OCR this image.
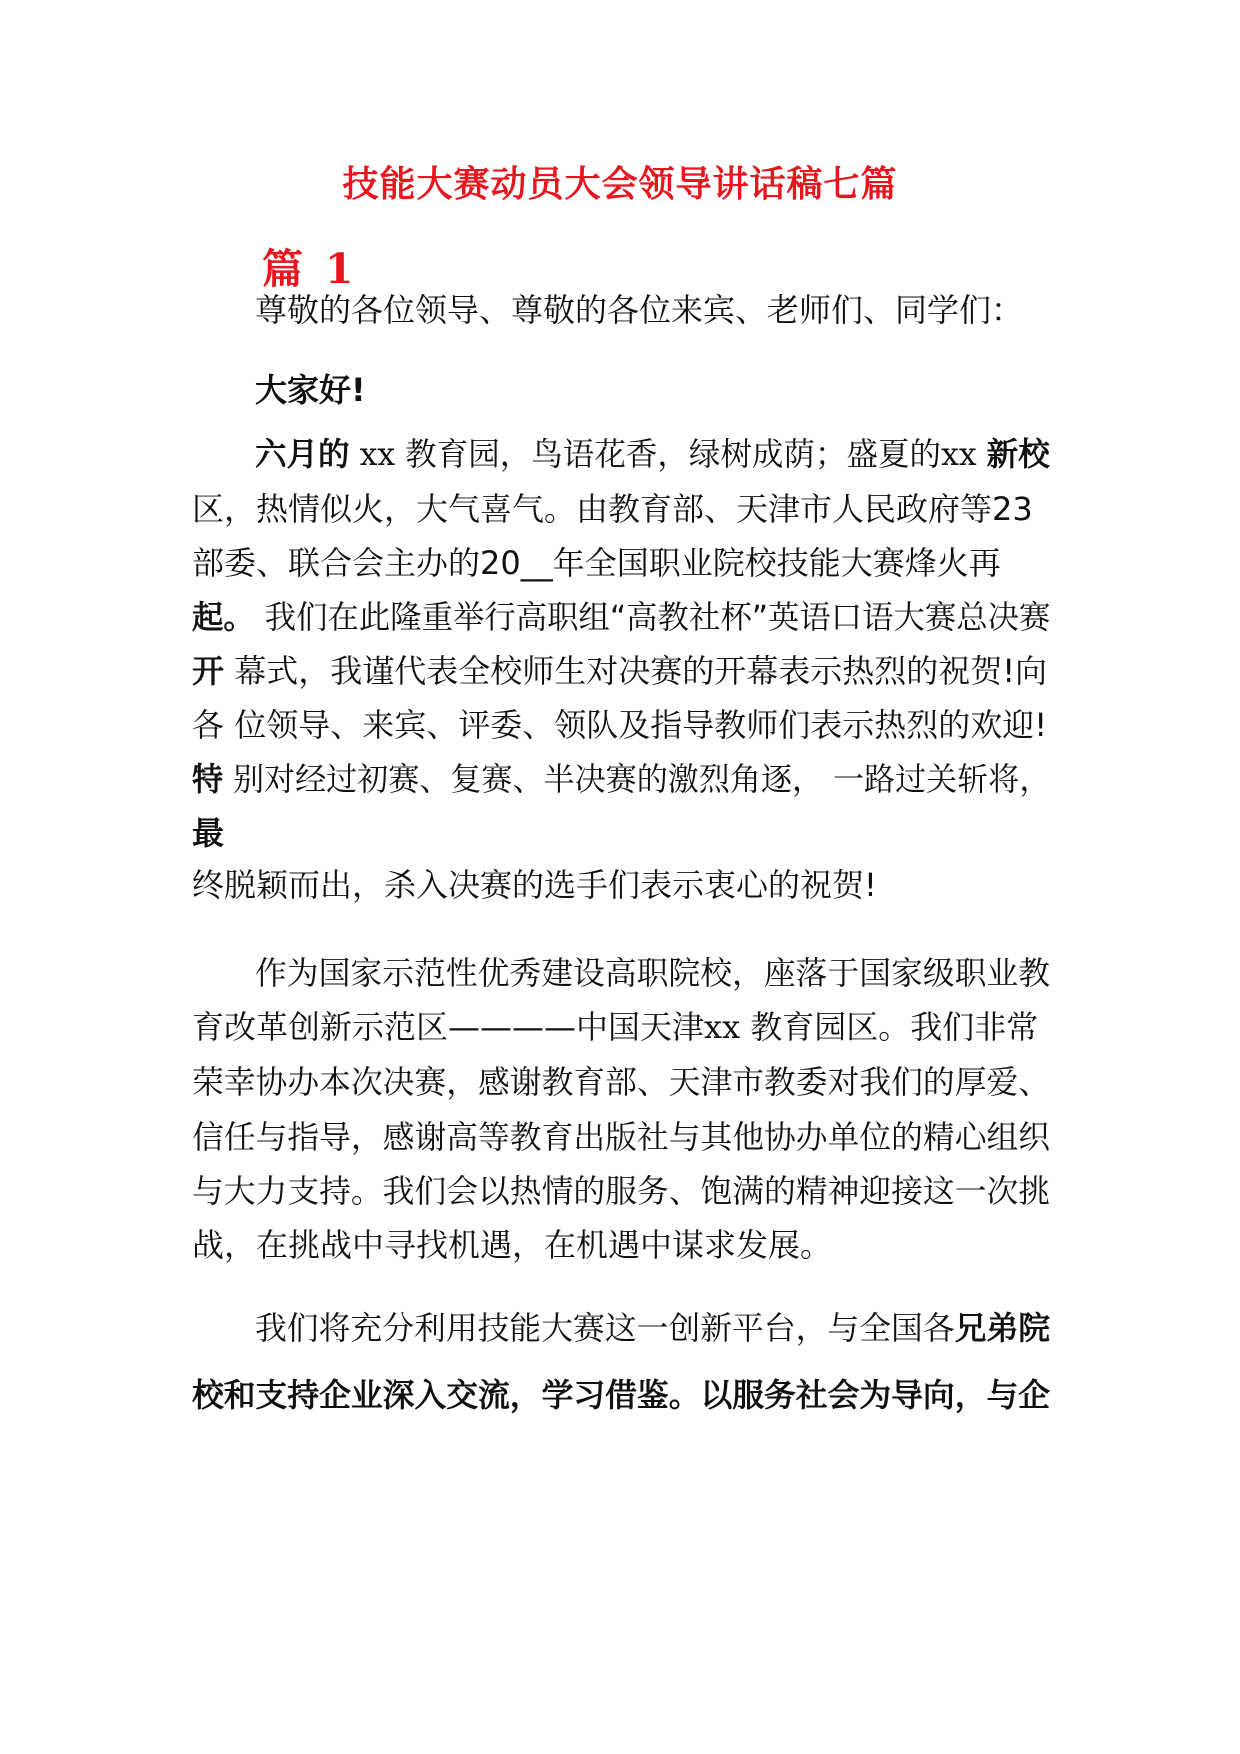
技能大赛动员大会领导讲话稿七篇
篇 1
尊敬的各位领导、尊敬的各位来宾、老师们、同学们：
大家好!
六月的 xx 教育园，鸟语花香，绿树成荫；盛夏的xx 新校
区，热情似火，大气喜气。由教育部、天津市人民政府等23
部委、联合会主办的20__年全国职业院校技能大赛烽火再
起。 我们在此隆重举行高职组“高教社杯”英语口语大赛总决赛
开 幕式，我谨代表全校师生对决赛的开幕表示热烈的祝贺!向
各 位领导、来宾、评委、领队及指导教师们表示热烈的欢迎!
特 别对经过初赛、复赛、半决赛的激烈角逐， 一路过关斩将，
最
终脱颖而出，杀入决赛的选手们表示衷心的祝贺!
作为国家示范性优秀建设高职院校，座落于国家级职业教
育改革创新示范区————中国天津xx 教育园区。我们非常
荣幸协办本次决赛，感谢教育部、天津市教委对我们的厚爱、
信任与指导，感谢高等教育出版社与其他协办单位的精心组织
与大力支持。我们会以热情的服务、饱满的精神迎接这一次挑
战，在挑战中寻找机遇，在机遇中谋求发展。
我们将充分利用技能大赛这一创新平台，与全国各兄弟院
校和支持企业深入交流，学习借鉴。以服务社会为导向，与企
